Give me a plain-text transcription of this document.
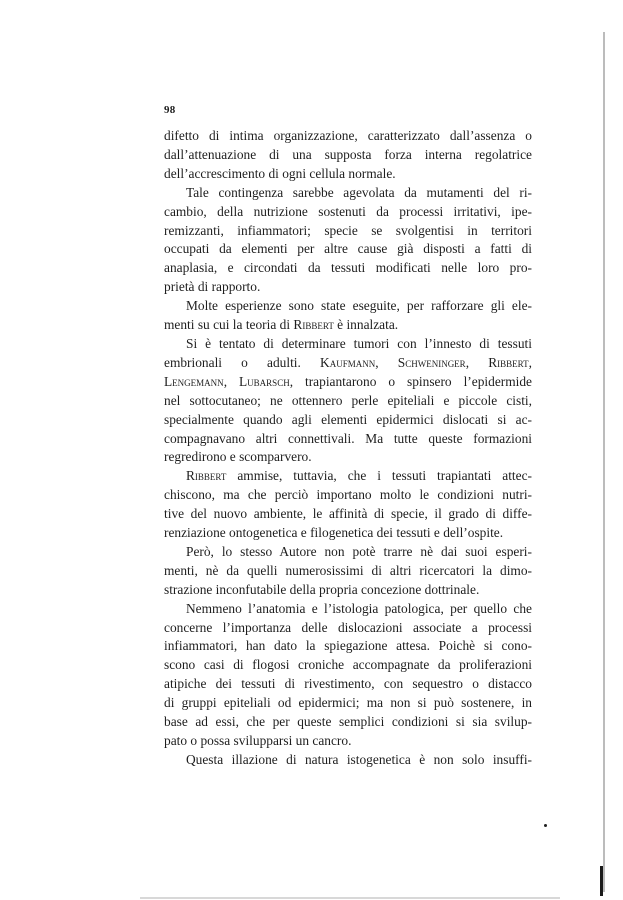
98
difetto di intima organizzazione, caratterizzato dall’assenza o
dall’attenuazione di una supposta forza interna regolatrice
dell’accrescimento di ogni cellula normale.
Tale contingenza sarebbe agevolata da mutamenti del ri-
cambio, della nutrizione sostenuti da processi irritativi, ipe-
remizzanti, infiammatori; specie se svolgentisi in territori
occupati da elementi per altre cause già disposti a fatti di
anaplasia, e circondati da tessuti modificati nelle loro pro-
prietà di rapporto.
Molte esperienze sono state eseguite, per rafforzare gli ele-
menti su cui la teoria di Ribbert è innalzata.
Si è tentato di determinare tumori con l’innesto di tessuti
embrionali o adulti. Kaufmann, Schweninger, Ribbert,
Lengemann, Lubarsch, trapiantarono o spinsero l’epidermide
nel sottocutaneo; ne ottennero perle epiteliali e piccole cisti,
specialmente quando agli elementi epidermici dislocati si ac-
compagnavano altri connettivali. Ma tutte queste formazioni
regredirono e scomparvero.
Ribbert ammise, tuttavia, che i tessuti trapiantati attec-
chiscono, ma che perciò importano molto le condizioni nutri-
tive del nuovo ambiente, le affinità di specie, il grado di diffe-
renziazione ontogenetica e filogenetica dei tessuti e dell’ospite.
Però, lo stesso Autore non potè trarre nè dai suoi esperi-
menti, nè da quelli numerosissimi di altri ricercatori la dimo-
strazione inconfutabile della propria concezione dottrinale.
Nemmeno l’anatomia e l’istologia patologica, per quello che
concerne l’importanza delle dislocazioni associate a processi
infiammatori, han dato la spiegazione attesa. Poichè si cono-
scono casi di flogosi croniche accompagnate da proliferazioni
atipiche dei tessuti di rivestimento, con sequestro o distacco
di gruppi epiteliali od epidermici; ma non si può sostenere, in
base ad essi, che per queste semplici condizioni si sia svilup-
pato o possa svilupparsi un cancro.
Questa illazione di natura istogenetica è non solo insuffi-
